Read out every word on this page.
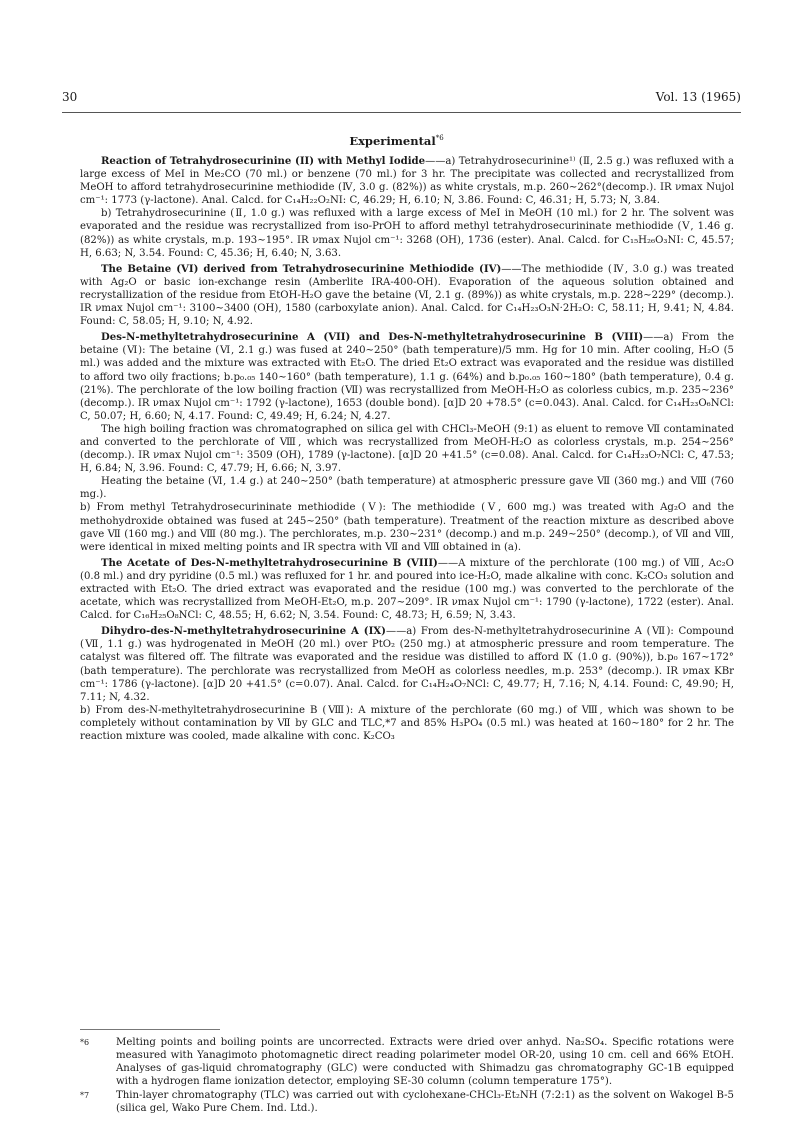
30	Vol. 13 (1965)
Experimental$^{*6}$

Reaction of Tetrahydrosecurinine (II) with Methyl Iodide——a) Tetrahydrosecurinine¹⁾ (Ⅱ, 2.5 g.) was refluxed with a large excess of MeI in Me₂CO (70 ml.) or benzene (70 ml.) for 3 hr. The precipitate was collected and recrystallized from MeOH to afford tetrahydrosecurinine methiodide (Ⅳ, 3.0 g. (82%)) as white crystals, m.p. 260∼262°(decomp.). IR νmax Nujol cm⁻¹: 1773 (γ-lactone). Anal. Calcd. for C₁₄H₂₂O₂NI: C, 46.29; H, 6.10; N, 3.86. Found: C, 46.31; H, 5.73; N, 3.84.

b) Tetrahydrosecurinine (Ⅱ, 1.0 g.) was refluxed with a large excess of MeI in MeOH (10 ml.) for 2 hr. The solvent was evaporated and the residue was recrystallized from iso-PrOH to afford methyl tetrahydrosecurininate methiodide (Ⅴ, 1.46 g. (82%)) as white crystals, m.p. 193∼195°. IR νmax Nujol cm⁻¹: 3268 (OH), 1736 (ester). Anal. Calcd. for C₁₅H₂₆O₃NI: C, 45.57; H, 6.63; N, 3.54. Found: C, 45.36; H, 6.40; N, 3.63.

The Betaine (VI) derived from Tetrahydrosecurinine Methiodide (IV)——The methiodide (Ⅳ, 3.0 g.) was treated with Ag₂O or basic ion-exchange resin (Amberlite IRA-400-OH). Evaporation of the aqueous solution obtained and recrystallization of the residue from EtOH-H₂O gave the betaine (Ⅵ, 2.1 g. (89%)) as white crystals, m.p. 228∼229° (decomp.). IR νmax Nujol cm⁻¹: 3100∼3400 (OH), 1580 (carboxylate anion). Anal. Calcd. for C₁₄H₂₃O₃N·2H₂O: C, 58.11; H, 9.41; N, 4.84. Found: C, 58.05; H, 9.10; N, 4.92.

Des-N-methyltetrahydrosecurinine A (VII) and Des-N-methyltetrahydrosecurinine B (VIII)——a) From the betaine (Ⅵ): The betaine (Ⅵ, 2.1 g.) was fused at 240∼250° (bath temperature)/5 mm. Hg for 10 min. After cooling, H₂O (5 ml.) was added and the mixture was extracted with Et₂O. The dried Et₂O extract was evaporated and the residue was distilled to afford two oily fractions; b.p₀.₀₅ 140∼160° (bath temperature), 1.1 g. (64%) and b.p₀.₀₅ 160∼180° (bath temperature), 0.4 g. (21%). The perchlorate of the low boiling fraction (Ⅶ) was recrystallized from MeOH-H₂O as colorless cubics, m.p. 235∼236° (decomp.). IR νmax Nujol cm⁻¹: 1792 (γ-lactone), 1653 (double bond). [α]D 20 +78.5° (c=0.043). Anal. Calcd. for C₁₄H₂₃O₆NCl: C, 50.07; H, 6.60; N, 4.17. Found: C, 49.49; H, 6.24; N, 4.27.

The high boiling fraction was chromatographed on silica gel with CHCl₃-MeOH (9:1) as eluent to remove Ⅶ contaminated and converted to the perchlorate of Ⅷ, which was recrystallized from MeOH-H₂O as colorless crystals, m.p. 254∼256° (decomp.). IR νmax Nujol cm⁻¹: 3509 (OH), 1789 (γ-lactone). [α]D 20 +41.5° (c=0.08). Anal. Calcd. for C₁₄H₂₃O₇NCl: C, 47.53; H, 6.84; N, 3.96. Found: C, 47.79; H, 6.66; N, 3.97.

Heating the betaine (Ⅵ, 1.4 g.) at 240∼250° (bath temperature) at atmospheric pressure gave Ⅶ (360 mg.) and Ⅷ (760 mg.).

b) From methyl Tetrahydrosecurininate methiodide (Ⅴ): The methiodide (Ⅴ, 600 mg.) was treated with Ag₂O and the methohydroxide obtained was fused at 245∼250° (bath temperature). Treatment of the reaction mixture as described above gave Ⅶ (160 mg.) and Ⅷ (80 mg.). The perchlorates, m.p. 230∼231° (decomp.) and m.p. 249∼250° (decomp.), of Ⅶ and Ⅷ, were identical in mixed melting points and IR spectra with Ⅶ and Ⅷ obtained in (a).

The Acetate of Des-N-methyltetrahydrosecurinine B (VIII)——A mixture of the perchlorate (100 mg.) of Ⅷ, Ac₂O (0.8 ml.) and dry pyridine (0.5 ml.) was refluxed for 1 hr. and poured into ice-H₂O, made alkaline with conc. K₂CO₃ solution and extracted with Et₂O. The dried extract was evaporated and the residue (100 mg.) was converted to the perchlorate of the acetate, which was recrystallized from MeOH-Et₂O, m.p. 207∼209°. IR νmax Nujol cm⁻¹: 1790 (γ-lactone), 1722 (ester). Anal. Calcd. for C₁₆H₂₅O₈NCl: C, 48.55; H, 6.62; N, 3.54. Found: C, 48.73; H, 6.59; N, 3.43.

Dihydro-des-N-methyltetrahydrosecurinine A (IX)——a) From des-N-methyltetrahydrosecurinine A (Ⅶ): Compound (Ⅶ, 1.1 g.) was hydrogenated in MeOH (20 ml.) over PtO₂ (250 mg.) at atmospheric pressure and room temperature. The catalyst was filtered off. The filtrate was evaporated and the residue was distilled to afford Ⅸ (1.0 g. (90%)), b.p₀ 167∼172° (bath temperature). The perchlorate was recrystallized from MeOH as colorless needles, m.p. 253° (decomp.). IR νmax KBr cm⁻¹: 1786 (γ-lactone). [α]D 20 +41.5° (c=0.07). Anal. Calcd. for C₁₄H₂₄O₇NCl: C, 49.77; H, 7.16; N, 4.14. Found: C, 49.90; H, 7.11; N, 4.32.

b) From des-N-methyltetrahydrosecurinine B (Ⅷ): A mixture of the perchlorate (60 mg.) of Ⅷ, which was shown to be completely without contamination by Ⅶ by GLC and TLC,*7 and 85% H₃PO₄ (0.5 ml.) was heated at 160∼180° for 2 hr. The reaction mixture was cooled, made alkaline with conc. K₂CO₃

*6	Melting points and boiling points are uncorrected. Extracts were dried over anhyd. Na₂SO₄. Specific rotations were measured with Yanagimoto photomagnetic direct reading polarimeter model OR-20, using 10 cm. cell and 66% EtOH. Analyses of gas-liquid chromatography (GLC) were conducted with Shimadzu gas chromatography GC-1B equipped with a hydrogen flame ionization detector, employing SE-30 column (column temperature 175°).
*7	Thin-layer chromatography (TLC) was carried out with cyclohexane-CHCl₃-Et₂NH (7:2:1) as the solvent on Wakogel B-5 (silica gel, Wako Pure Chem. Ind. Ltd.).
